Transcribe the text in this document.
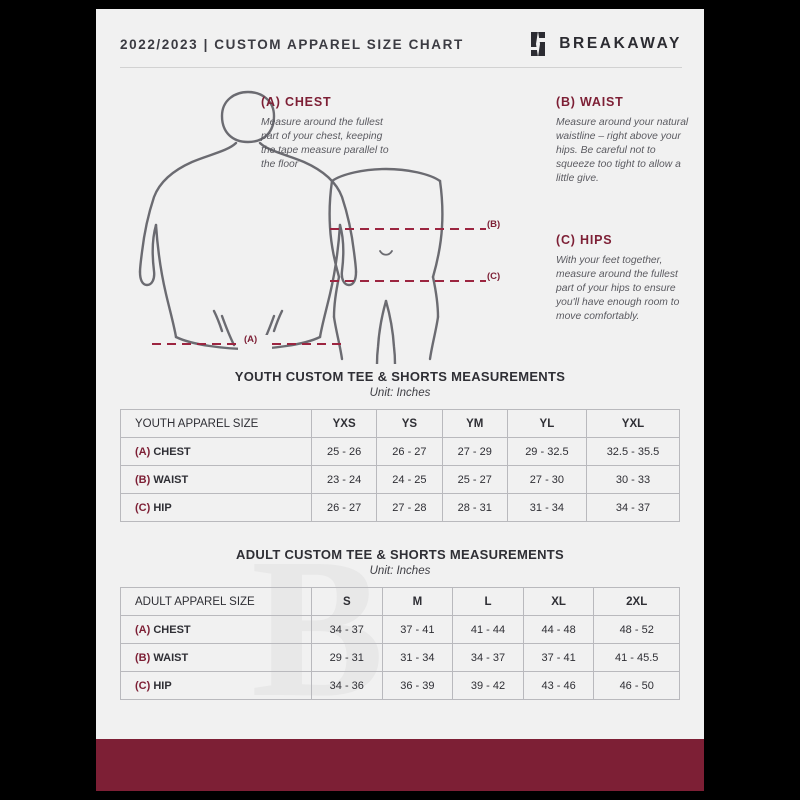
2022/2023 | CUSTOM APPAREL SIZE CHART	BREAKAWAY
(A)
(B)
(C)
(A) CHEST
Measure around the fullest part of your chest, keeping the tape measure parallel to the floor
(B) WAIST
Measure around your natural waistline – right above your hips. Be careful not to squeeze too tight to allow a little give.
(C) HIPS
With your feet together, measure around the fullest part of your hips to ensure you'll have enough room to move comfortably.
YOUTH CUSTOM TEE & SHORTS MEASUREMENTS
Unit: Inches
YOUTH APPAREL SIZE	YXS	YS	YM	YL	YXL
(A) CHEST	25 - 26	26 - 27	27 - 29	29 - 32.5	32.5 - 35.5
(B) WAIST	23 - 24	24 - 25	25 - 27	27 - 30	30 - 33
(C) HIP	26 - 27	27 - 28	28 - 31	31 - 34	34 - 37
ADULT CUSTOM TEE & SHORTS MEASUREMENTS
Unit: Inches
ADULT APPAREL SIZE	S	M	L	XL	2XL
(A) CHEST	34 - 37	37 - 41	41 - 44	44 - 48	48 - 52
(B) WAIST	29 - 31	31 - 34	34 - 37	37 - 41	41 - 45.5
(C) HIP	34 - 36	36 - 39	39 - 42	43 - 46	46 - 50
